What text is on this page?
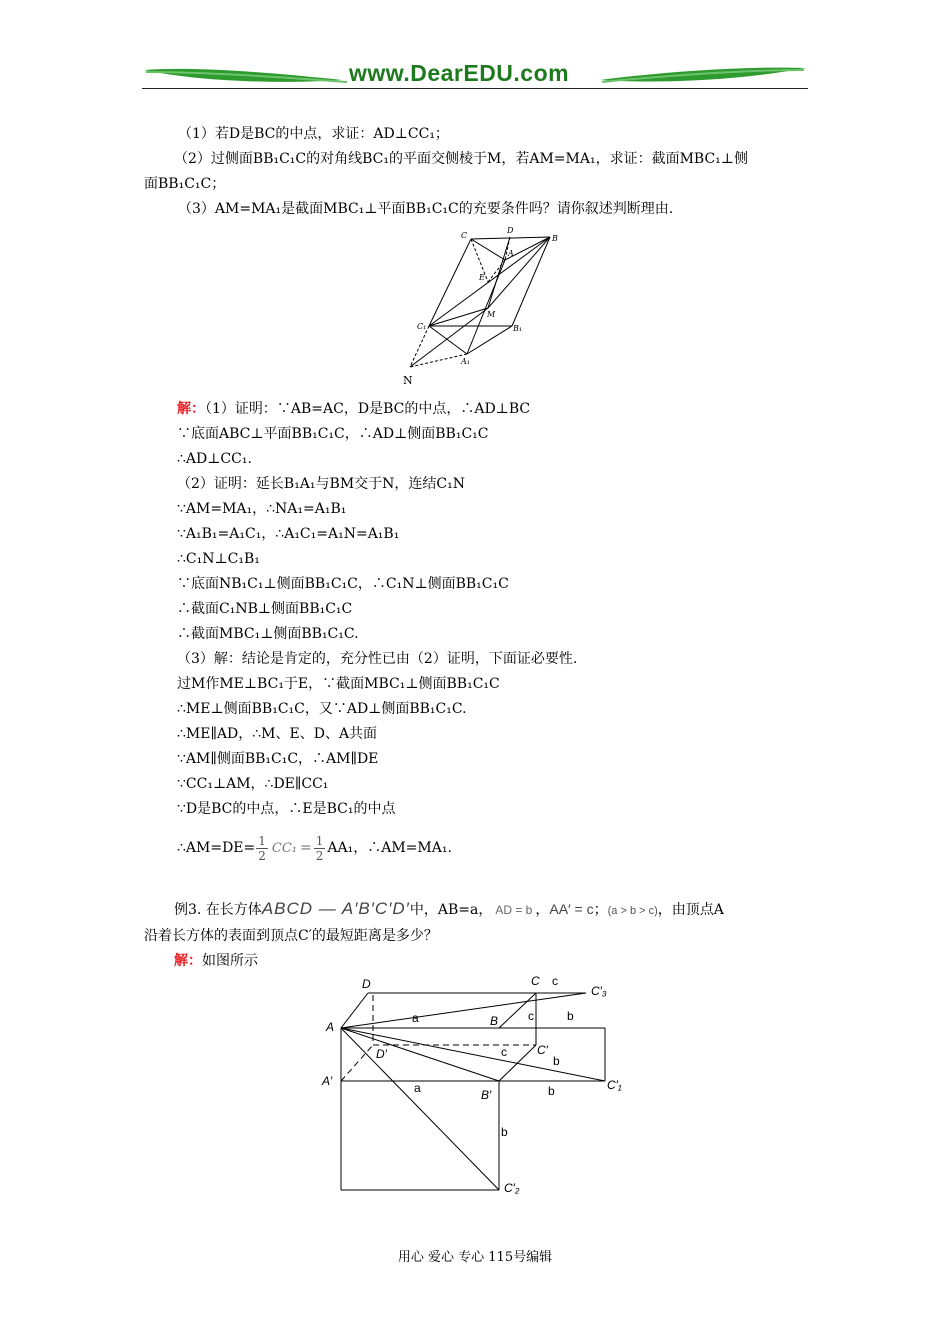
www.DearEDU.com
（1）若D是BC的中点，求证：AD⊥CC₁；
（2）过侧面BB₁C₁C的对角线BC₁的平面交侧棱于M，若AM=MA₁，求证：截面MBC₁⊥侧
面BB₁C₁C；
（3）AM=MA₁是截面MBC₁⊥平面BB₁C₁C的充要条件吗？请你叙述判断理由.
C
D
B
A
E
M
C₁	B₁
A₁
N
解：（1）证明：∵AB=AC，D是BC的中点，∴AD⊥BC
∵底面ABC⊥平面BB₁C₁C，∴AD⊥侧面BB₁C₁C
∴AD⊥CC₁.
（2）证明：延长B₁A₁与BM交于N，连结C₁N
∵AM=MA₁，∴NA₁=A₁B₁
∵A₁B₁=A₁C₁，∴A₁C₁=A₁N=A₁B₁
∴C₁N⊥C₁B₁
∵底面NB₁C₁⊥侧面BB₁C₁C，∴C₁N⊥侧面BB₁C₁C
∴截面C₁NB⊥侧面BB₁C₁C
∴截面MBC₁⊥侧面BB₁C₁C.
（3）解：结论是肯定的，充分性已由（2）证明，下面证必要性.
过M作ME⊥BC₁于E，∵截面MBC₁⊥侧面BB₁C₁C
∴ME⊥侧面BB₁C₁C，又∵AD⊥侧面BB₁C₁C.
∴ME∥AD，∴M、E、D、A共面
∵AM∥侧面BB₁C₁C，∴AM∥DE
∵CC₁⊥AM，∴DE∥CC₁
∵D是BC的中点，∴E是BC₁的中点
∴AM=DE= $\frac{1}{2} CC_1 = \frac{1}{2} AA_1$，∴AM=MA₁.
例3. 在长方体ABCD — A′B′C′D′中，AB=a， AD = b ，AA′ = c；(a > b > c)，由顶点A
沿着长方体的表面到顶点C′的最短距离是多少？
解：如图所示
D	C c
C′₃
A
a	B c	b
D′	c	C′
b
A′	a	B′	b	C′₁
b
C′₂
用心 爱心 专心 115号编辑
